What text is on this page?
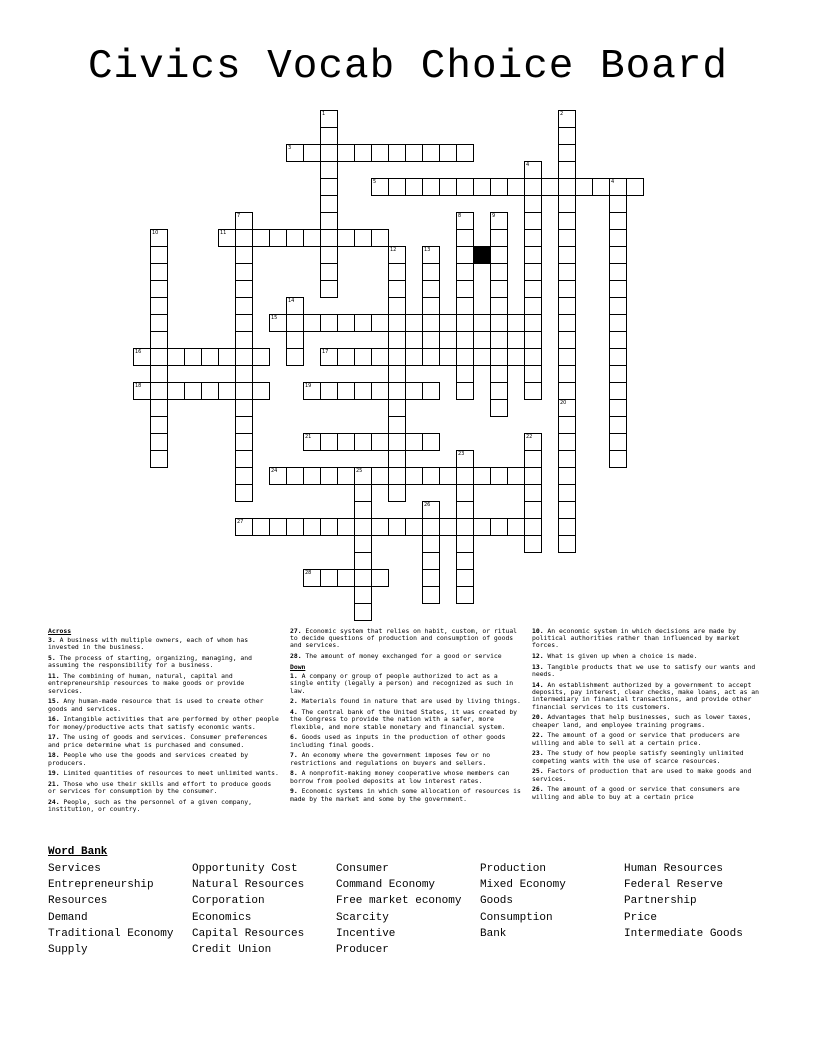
Civics Vocab Choice Board
1	2
3
4
4
5
7	8	9
10	11
12	13
14
15
16	17
18	19
20
21	22
23
24	25
26
27
28
Across
3. A business with multiple owners, each of whom has invested in the business.
5. The process of starting, organizing, managing, and assuming the responsibility for a business.
11. The combining of human, natural, capital and entrepreneurship resources to make goods or provide services.
15. Any human-made resource that is used to create other goods and services.
16. Intangible activities that are performed by other people for money/productive acts that satisfy economic wants.
17. The using of goods and services. Consumer preferences and price determine what is purchased and consumed.
18. People who use the goods and services created by producers.
19. Limited quantities of resources to meet unlimited wants.
21. Those who use their skills and effort to produce goods or services for consumption by the consumer.
24. People, such as the personnel of a given company, institution, or country.
27. Economic system that relies on habit, custom, or ritual to decide questions of production and consumption of goods and services.
28. The amount of money exchanged for a good or service
Down
1. A company or group of people authorized to act as a single entity (legally a person) and recognized as such in law.
2. Materials found in nature that are used by living things.
4. The central bank of the United States, it was created by the Congress to provide the nation with a safer, more flexible, and more stable monetary and financial system.
6. Goods used as inputs in the production of other goods including final goods.
7. An economy where the government imposes few or no restrictions and regulations on buyers and sellers.
8. A nonprofit-making money cooperative whose members can borrow from pooled deposits at low interest rates.
9. Economic systems in which some allocation of resources is made by the market and some by the government.
10. An economic system in which decisions are made by political authorities rather than influenced by market forces.
12. What is given up when a choice is made.
13. Tangible products that we use to satisfy our wants and needs.
14. An establishment authorized by a government to accept deposits, pay interest, clear checks, make loans, act as an intermediary in financial transactions, and provide other financial services to its customers.
20. Advantages that help businesses, such as lower taxes, cheaper land, and employee training programs.
22. The amount of a good or service that producers are willing and able to sell at a certain price.
23. The study of how people satisfy seemingly unlimited competing wants with the use of scarce resources.
25. Factors of production that are used to make goods and services.
26. The amount of a good or service that consumers are willing and able to buy at a certain price
Word Bank
Services
Entrepreneurship
Resources
Demand
Traditional Economy
Supply
Opportunity Cost
Natural Resources
Corporation
Economics
Capital Resources
Credit Union
Consumer
Command Economy
Free market economy
Scarcity
Incentive
Producer
Production
Mixed Economy
Goods
Consumption
Bank
Human Resources
Federal Reserve
Partnership
Price
Intermediate Goods
